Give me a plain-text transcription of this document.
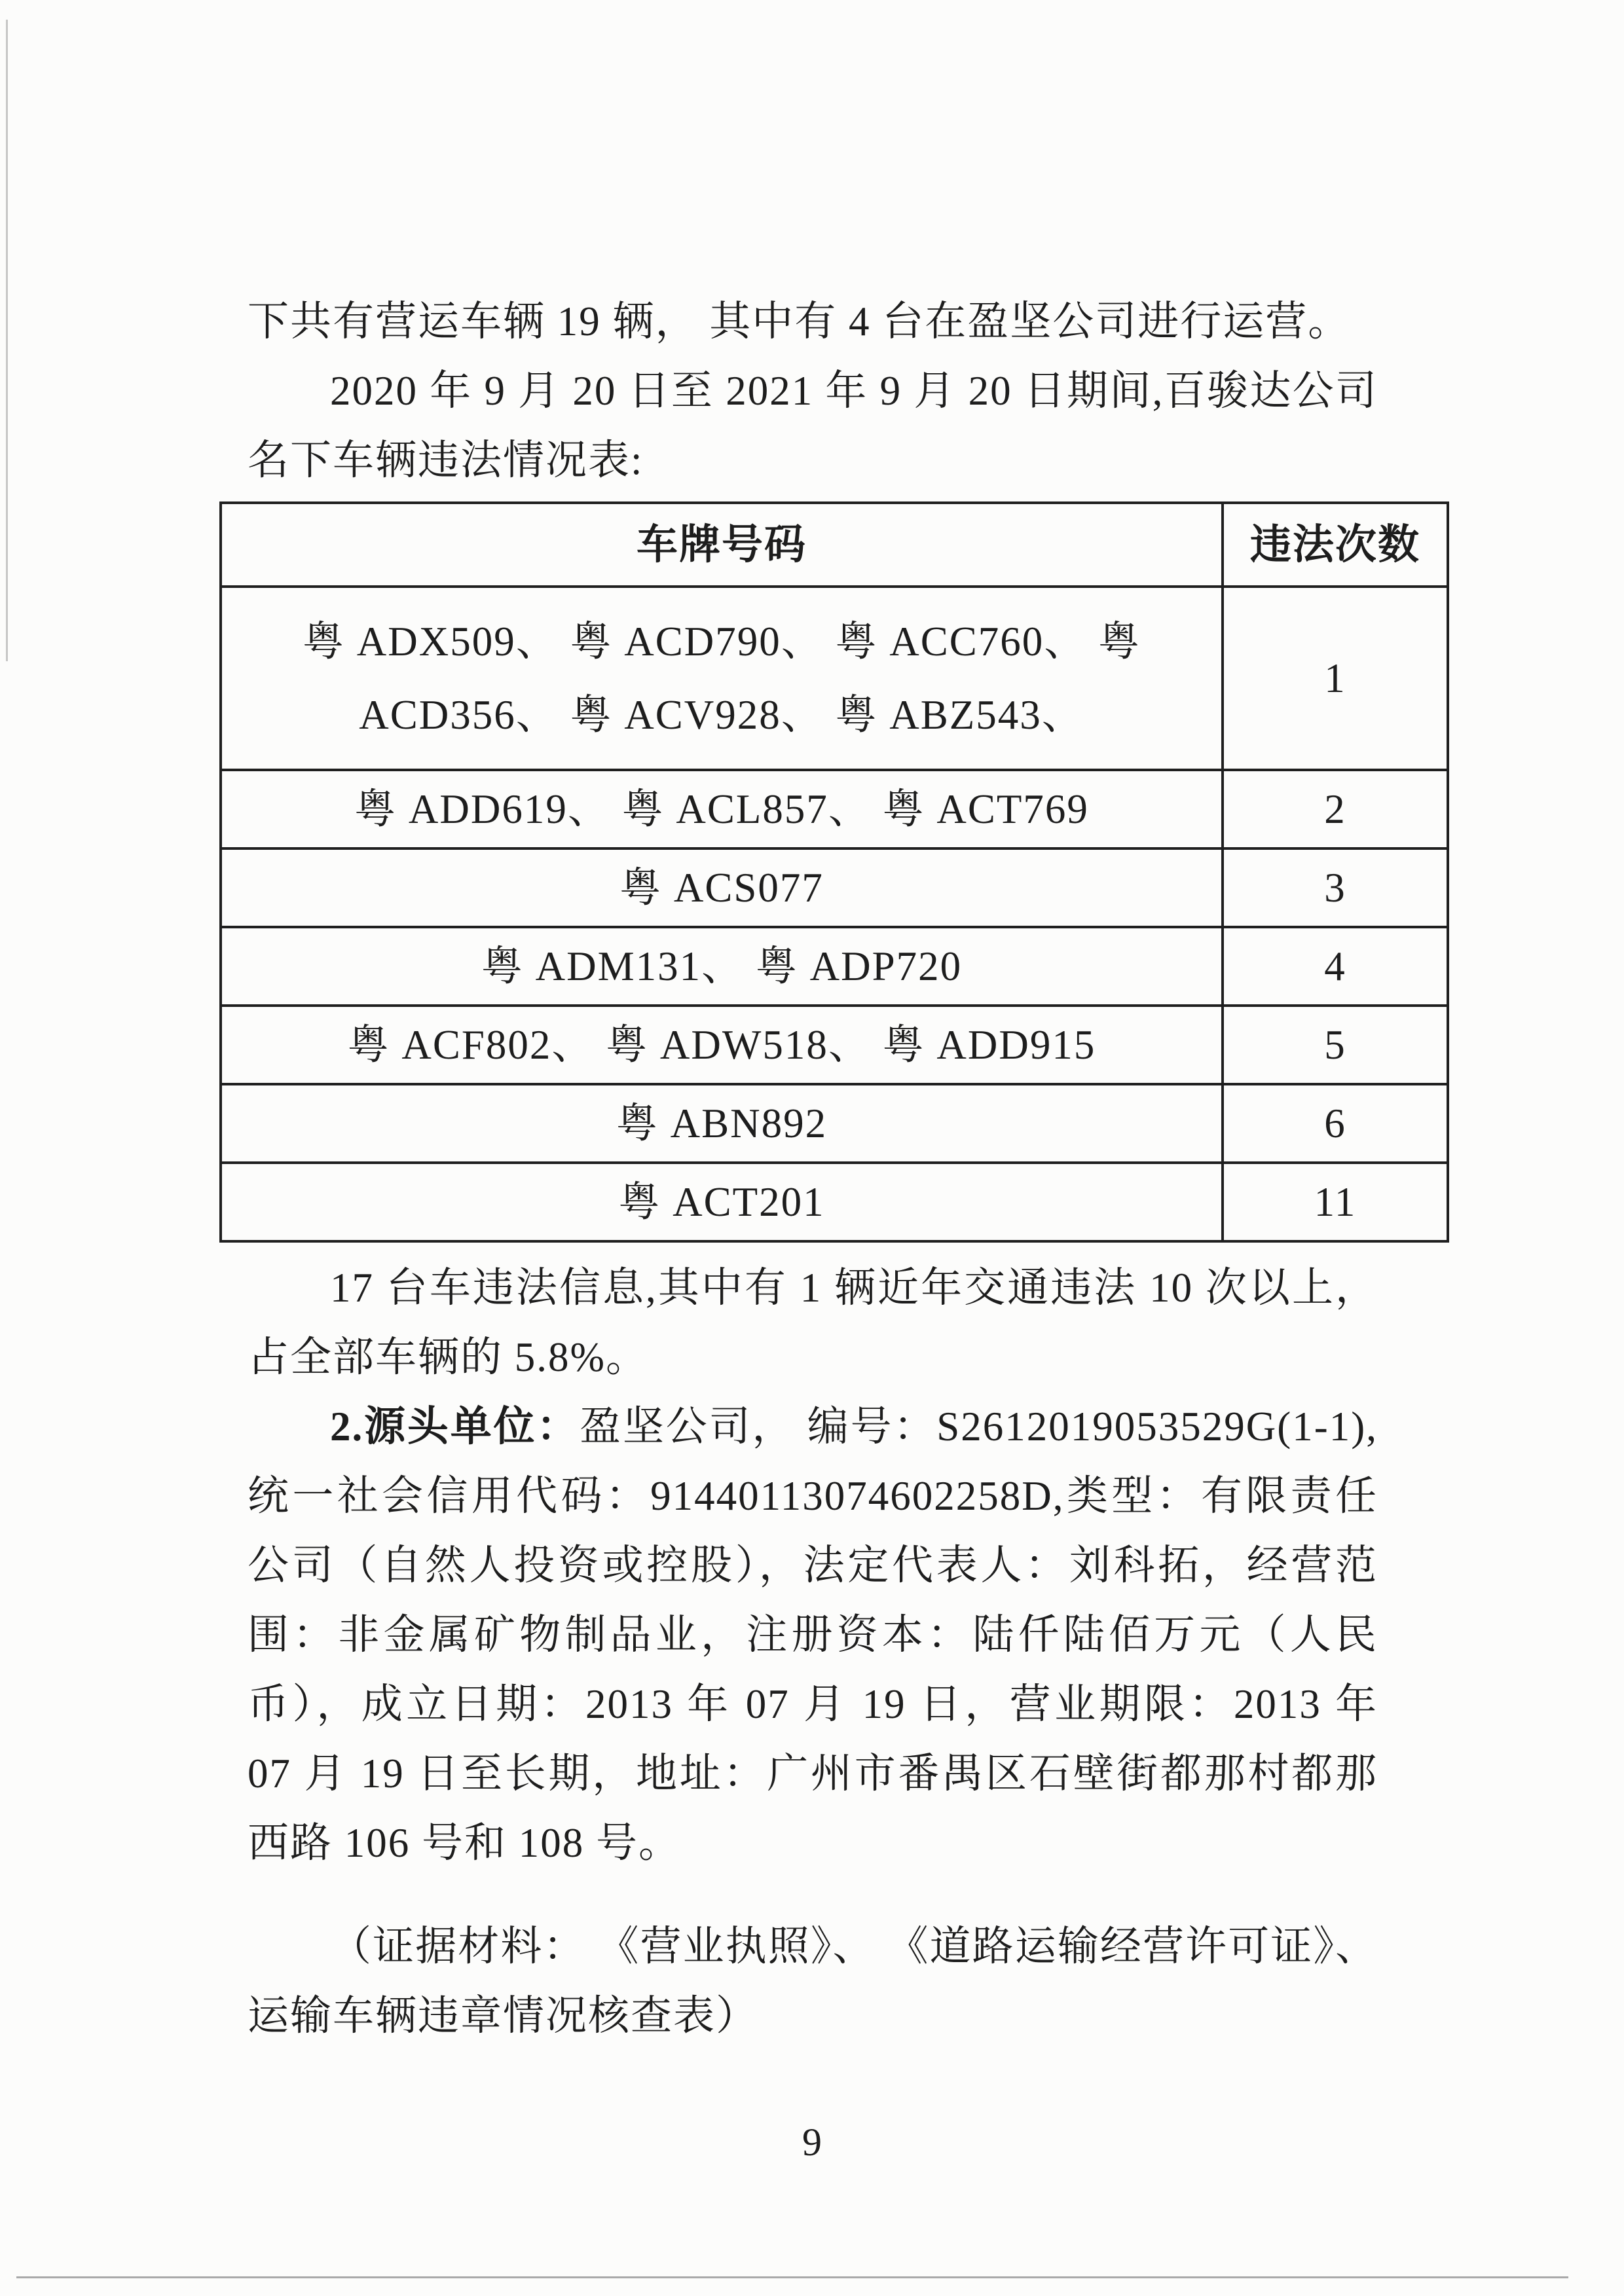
下共有营运车辆 19 辆， 其中有 4 台在盈坚公司进行运营。

2020 年 9 月 20 日至 2021 年 9 月 20 日期间,百骏达公司名下车辆违法情况表:

车牌号码	违法次数
粤 ADX509、 粤 ACD790、 粤 ACC760、 粤 ACD356、 粤 ACV928、 粤 ABZ543、	1
粤 ADD619、 粤 ACL857、 粤 ACT769	2
粤 ACS077	3
粤 ADM131、 粤 ADP720	4
粤 ACF802、 粤 ADW518、 粤 ADD915	5
粤 ABN892	6
粤 ACT201	11

17 台车违法信息,其中有 1 辆近年交通违法 10 次以上， 占全部车辆的 5.8%。

2.源头单位：盈坚公司， 编号：S2612019053529G(1-1),统一社会信用代码：91440113074602258D,类型：有限责任公司（自然人投资或控股），法定代表人：刘科拓，经营范围：非金属矿物制品业，注册资本：陆仟陆佰万元（人民币），成立日期：2013 年 07 月 19 日，营业期限：2013 年 07 月 19 日至长期，地址：广州市番禺区石壁街都那村都那西路 106 号和 108 号。

（证据材料： 《营业执照》、 《道路运输经营许可证》、运输车辆违章情况核查表）

9
